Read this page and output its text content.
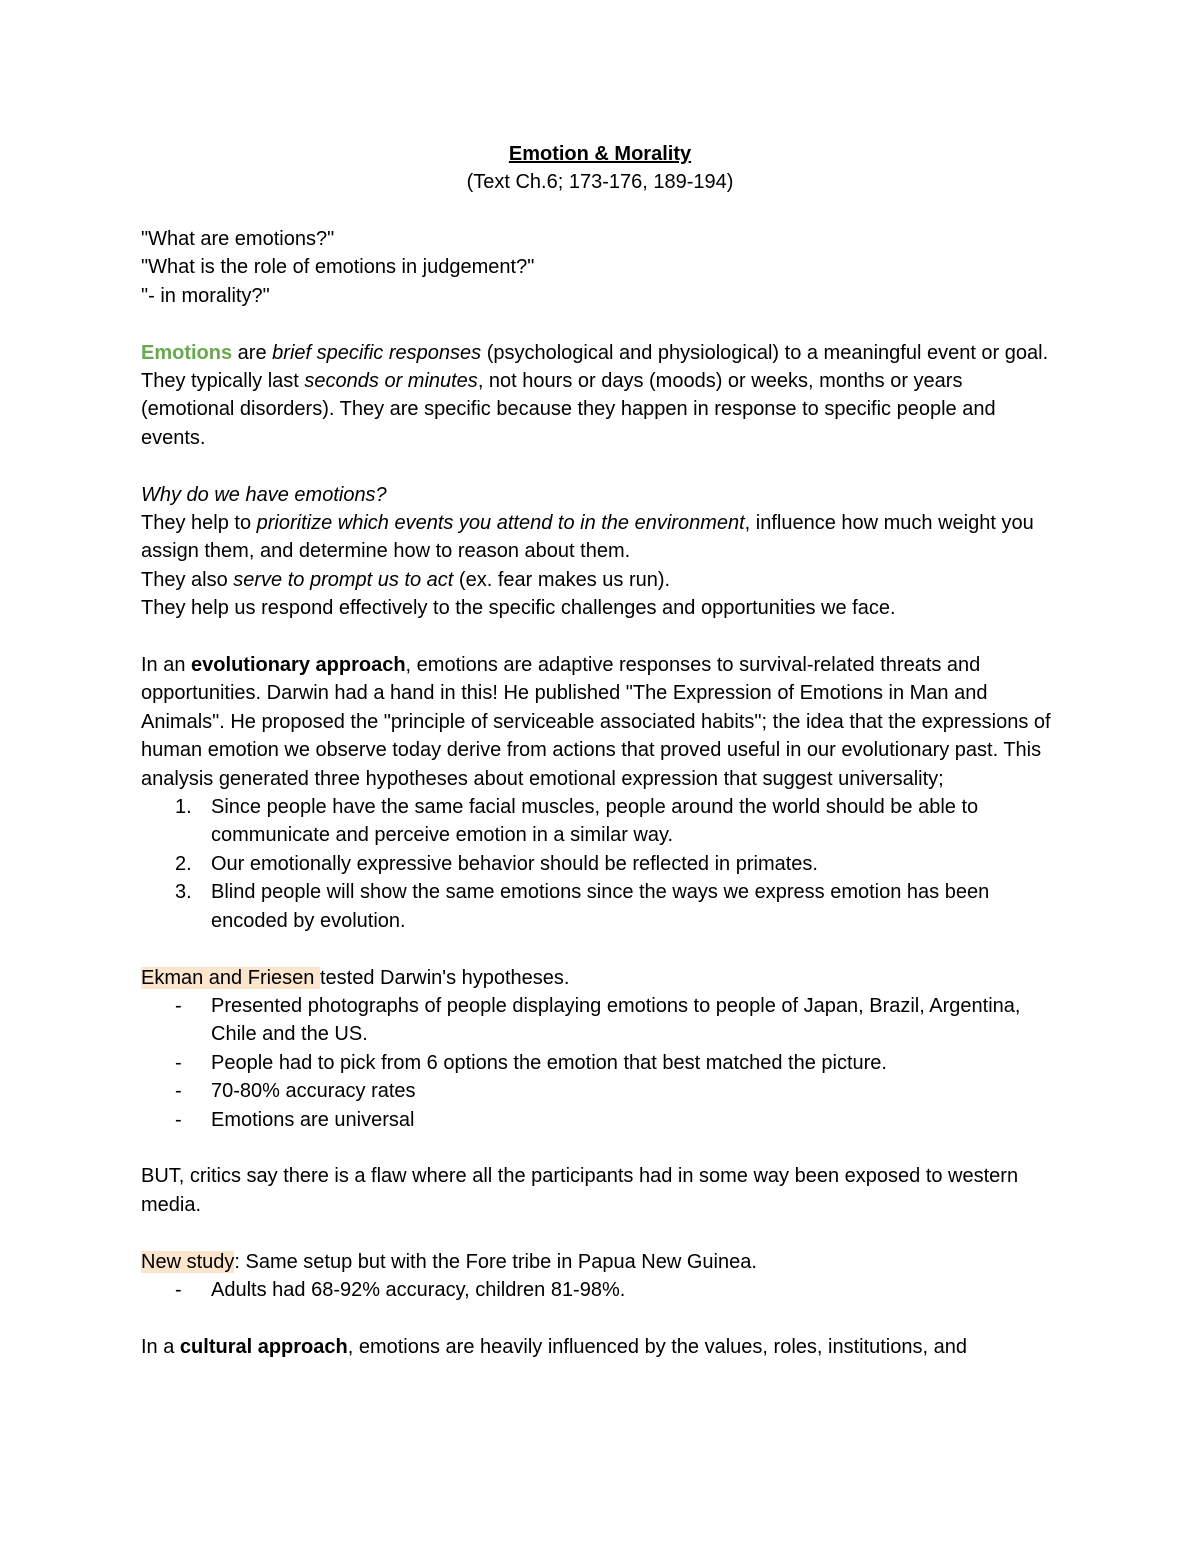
Emotion & Morality
(Text Ch.6; 173-176, 189-194)

"What are emotions?"

"What is the role of emotions in judgement?"

"- in morality?"

Emotions are brief specific responses (psychological and physiological) to a meaningful event or goal. They typically last seconds or minutes, not hours or days (moods) or weeks, months or years (emotional disorders). They are specific because they happen in response to specific people and events.

Why do we have emotions?

They help to prioritize which events you attend to in the environment, influence how much weight you assign them, and determine how to reason about them.

They also serve to prompt us to act (ex. fear makes us run).

They help us respond effectively to the specific challenges and opportunities we face.

In an evolutionary approach, emotions are adaptive responses to survival-related threats and opportunities. Darwin had a hand in this! He published "The Expression of Emotions in Man and Animals". He proposed the "principle of serviceable associated habits"; the idea that the expressions of human emotion we observe today derive from actions that proved useful in our evolutionary past. This analysis generated three hypotheses about emotional expression that suggest universality;

1. Since people have the same facial muscles, people around the world should be able to communicate and perceive emotion in a similar way.
2. Our emotionally expressive behavior should be reflected in primates.
3. Blind people will show the same emotions since the ways we express emotion has been encoded by evolution.

Ekman and Friesen tested Darwin's hypotheses.

- Presented photographs of people displaying emotions to people of Japan, Brazil, Argentina, Chile and the US.
- People had to pick from 6 options the emotion that best matched the picture.
- 70-80% accuracy rates
- Emotions are universal

BUT, critics say there is a flaw where all the participants had in some way been exposed to western media.

New study: Same setup but with the Fore tribe in Papua New Guinea.

- Adults had 68-92% accuracy, children 81-98%.

In a cultural approach, emotions are heavily influenced by the values, roles, institutions, and
